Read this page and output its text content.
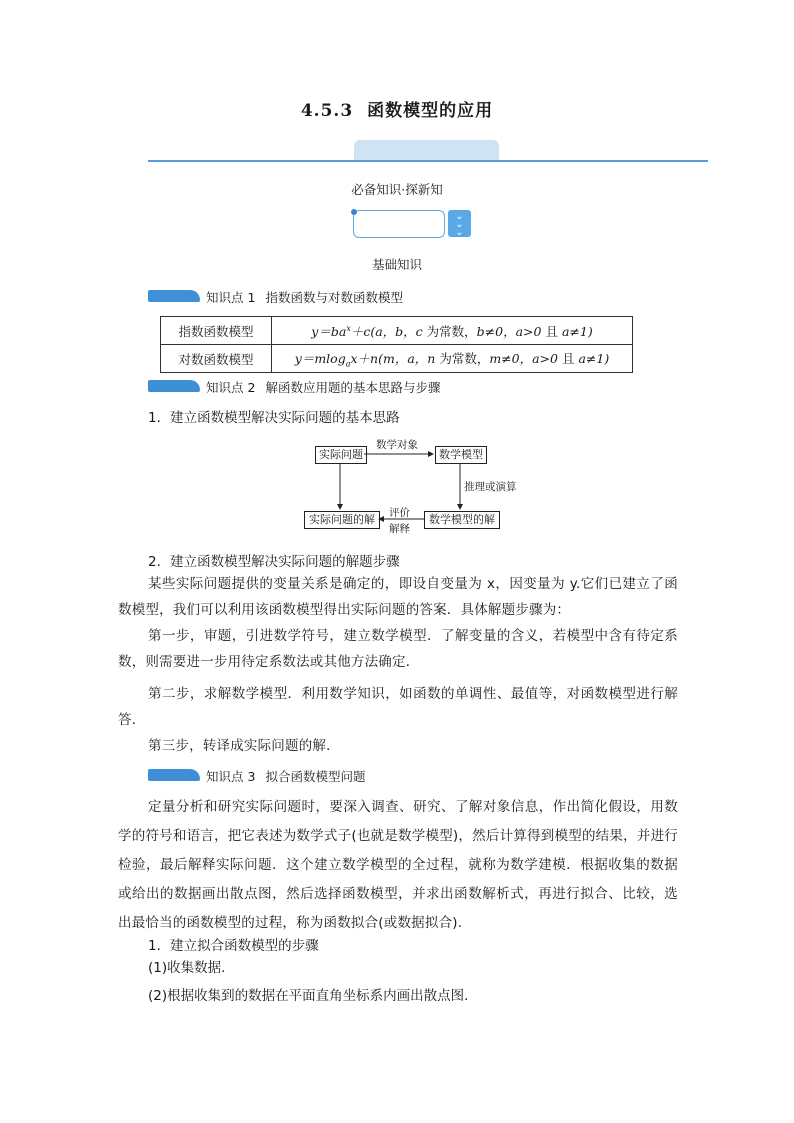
4.5.3 函数模型的应用
必备知识·探新知
⌄
⌄
⌄
基础知识
知识点 1 指数函数与对数函数模型
指数函数模型	$y=ba^x+c(a$，b，c 为常数，b≠0，a>0 且 a≠1)
对数函数模型	y＝mlog$_a$x＋n(m，a，n 为常数，m≠0，a>0 且 a≠1)
知识点 2 解函数应用题的基本思路与步骤
1．建立函数模型解决实际问题的基本思路
实际问题	数学模型
实际问题的解	数学模型的解
数学对象
推理或演算
评价
解释
2．建立函数模型解决实际问题的解题步骤
某些实际问题提供的变量关系是确定的，即设自变量为 x，因变量为 y.它们已建立了函数模型，我们可以利用该函数模型得出实际问题的答案．具体解题步骤为：
第一步，审题，引进数学符号，建立数学模型．了解变量的含义，若模型中含有待定系数，则需要进一步用待定系数法或其他方法确定．
第二步，求解数学模型．利用数学知识，如函数的单调性、最值等，对函数模型进行解答．
第三步，转译成实际问题的解．
知识点 3 拟合函数模型问题
定量分析和研究实际问题时，要深入调查、研究、了解对象信息，作出简化假设，用数学的符号和语言，把它表述为数学式子(也就是数学模型)，然后计算得到模型的结果，并进行检验，最后解释实际问题．这个建立数学模型的全过程，就称为数学建模．根据收集的数据或给出的数据画出散点图，然后选择函数模型，并求出函数解析式，再进行拟合、比较，选出最恰当的函数模型的过程，称为函数拟合(或数据拟合).
1．建立拟合函数模型的步骤
(1)收集数据．
(2)根据收集到的数据在平面直角坐标系内画出散点图．
